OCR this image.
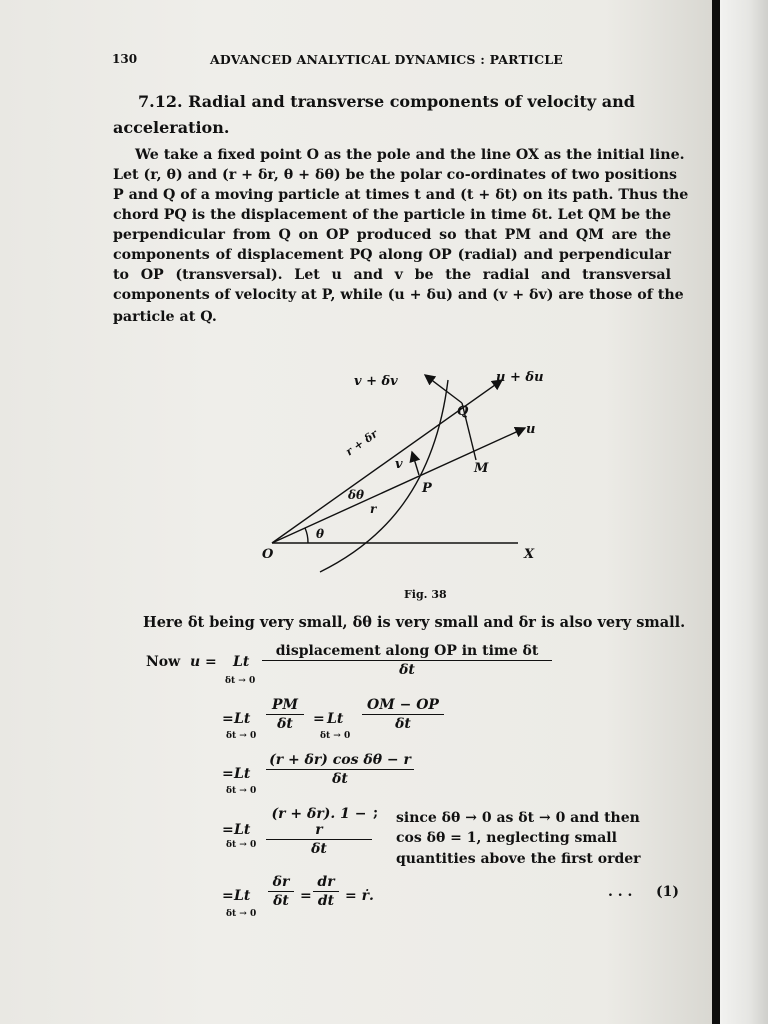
130	ADVANCED ANALYTICAL DYNAMICS : PARTICLE
7.12. Radial and transverse components of velocity and
acceleration.
We take a fixed point O as the pole and the line OX as the initial line.
Let (r, θ) and (r + δr, θ + δθ) be the polar co-ordinates of two positions
P and Q of a moving particle at times t and (t + δt) on its path. Thus the
chord PQ is the displacement of the particle in time δt. Let QM be the
perpendicular from Q on OP produced so that PM and QM are the
components of displacement PQ along OP (radial) and perpendicular
to OP (transversal). Let u and v be the radial and transversal
components of velocity at P, while (u + δu) and (v + δv) are those of the
particle at Q.
v + δv	u + δu
Q
u
r + δr
v	M
δθ	P
r
θ
O	X
Fig. 38
Here δt being very small, δθ is very small and δr is also very small.
Now u = Lt
δt → 0
displacement along OP in time δt
δt
= Lt
δt → 0
$\frac{PM}{\delta t} = Lt$
δt → 0
$\frac{OM - OP}{\delta t}$
= Lt
δt → 0
$\frac{\text{(r + δr) cos δθ − r}}{\delta t}$
= Lt
$\delta t \to 0 \frac{(r + \delta r). 1 - r}{\delta t}$ ; since δθ → 0 as δt → 0 and then
cos δθ = 1, neglecting small
quantities above the first order
= Lt
δt → 0
$\frac{\delta r}{\delta t} = \frac{dr}{dt}$ = ṙ.	. . . (1)
